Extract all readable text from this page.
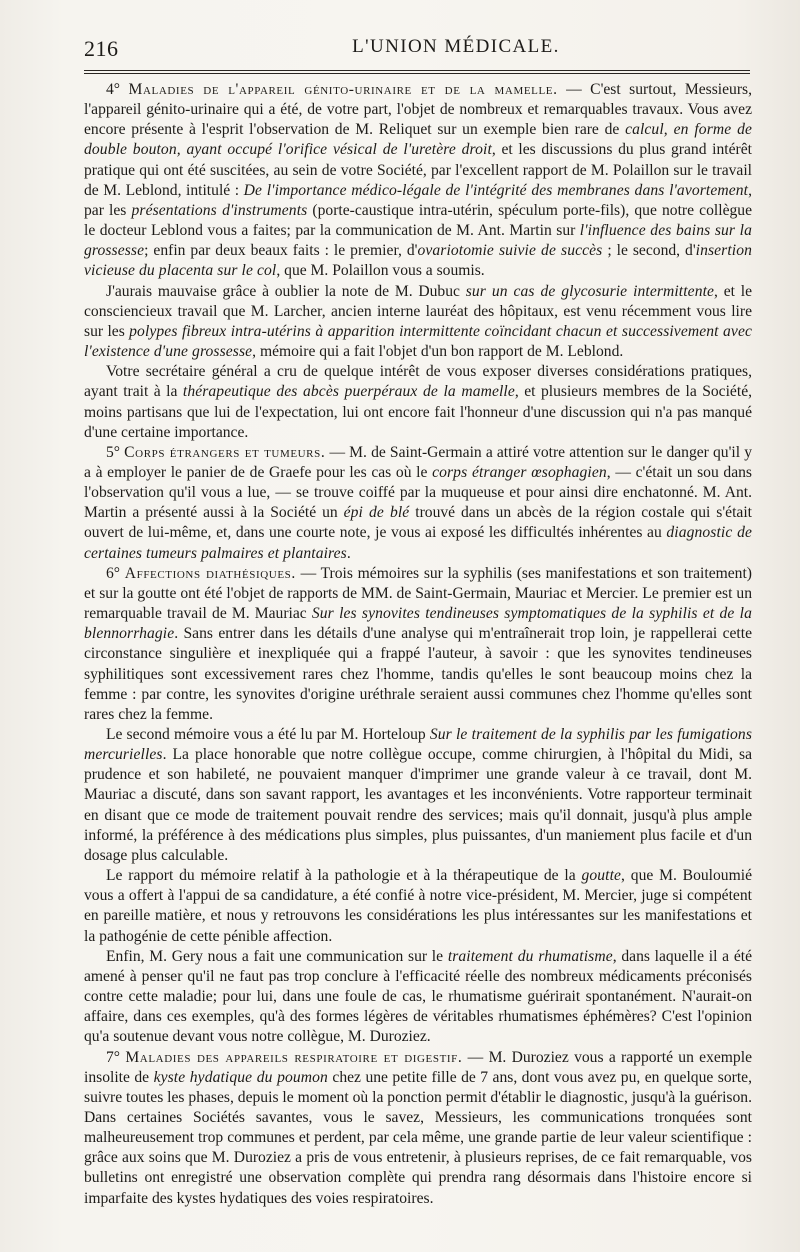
216	L'UNION MÉDICALE.

4° Maladies de l'appareil génito-urinaire et de la mamelle. — C'est surtout, Messieurs, l'appareil génito-urinaire qui a été, de votre part, l'objet de nombreux et remarquables travaux. Vous avez encore présente à l'esprit l'observation de M. Reliquet sur un exemple bien rare de calcul, en forme de double bouton, ayant occupé l'orifice vésical de l'uretère droit, et les discussions du plus grand intérêt pratique qui ont été suscitées, au sein de votre Société, par l'excellent rapport de M. Polaillon sur le travail de M. Leblond, intitulé : De l'importance médico-légale de l'intégrité des membranes dans l'avortement, par les présentations d'instruments (porte-caustique intra-utérin, spéculum porte-fils), que notre collègue le docteur Leblond vous a faites; par la communication de M. Ant. Martin sur l'influence des bains sur la grossesse; enfin par deux beaux faits : le premier, d'ovariotomie suivie de succès ; le second, d'insertion vicieuse du placenta sur le col, que M. Polaillon vous a soumis.

J'aurais mauvaise grâce à oublier la note de M. Dubuc sur un cas de glycosurie intermittente, et le consciencieux travail que M. Larcher, ancien interne lauréat des hôpitaux, est venu récemment vous lire sur les polypes fibreux intra-utérins à apparition intermittente coïncidant chacun et successivement avec l'existence d'une grossesse, mémoire qui a fait l'objet d'un bon rapport de M. Leblond.

Votre secrétaire général a cru de quelque intérêt de vous exposer diverses considérations pratiques, ayant trait à la thérapeutique des abcès puerpéraux de la mamelle, et plusieurs membres de la Société, moins partisans que lui de l'expectation, lui ont encore fait l'honneur d'une discussion qui n'a pas manqué d'une certaine importance.

5° Corps étrangers et tumeurs. — M. de Saint-Germain a attiré votre attention sur le danger qu'il y a à employer le panier de de Graefe pour les cas où le corps étranger œsophagien, — c'était un sou dans l'observation qu'il vous a lue, — se trouve coiffé par la muqueuse et pour ainsi dire enchatonné. M. Ant. Martin a présenté aussi à la Société un épi de blé trouvé dans un abcès de la région costale qui s'était ouvert de lui-même, et, dans une courte note, je vous ai exposé les difficultés inhérentes au diagnostic de certaines tumeurs palmaires et plantaires.

6° Affections diathésiques. — Trois mémoires sur la syphilis (ses manifestations et son traitement) et sur la goutte ont été l'objet de rapports de MM. de Saint-Germain, Mauriac et Mercier. Le premier est un remarquable travail de M. Mauriac Sur les synovites tendineuses symptomatiques de la syphilis et de la blennorrhagie. Sans entrer dans les détails d'une analyse qui m'entraînerait trop loin, je rappellerai cette circonstance singulière et inexpliquée qui a frappé l'auteur, à savoir : que les synovites tendineuses syphilitiques sont excessivement rares chez l'homme, tandis qu'elles le sont beaucoup moins chez la femme : par contre, les synovites d'origine uréthrale seraient aussi communes chez l'homme qu'elles sont rares chez la femme.

Le second mémoire vous a été lu par M. Horteloup Sur le traitement de la syphilis par les fumigations mercurielles. La place honorable que notre collègue occupe, comme chirurgien, à l'hôpital du Midi, sa prudence et son habileté, ne pouvaient manquer d'imprimer une grande valeur à ce travail, dont M. Mauriac a discuté, dans son savant rapport, les avantages et les inconvénients. Votre rapporteur terminait en disant que ce mode de traitement pouvait rendre des services; mais qu'il donnait, jusqu'à plus ample informé, la préférence à des médications plus simples, plus puissantes, d'un maniement plus facile et d'un dosage plus calculable.

Le rapport du mémoire relatif à la pathologie et à la thérapeutique de la goutte, que M. Bouloumié vous a offert à l'appui de sa candidature, a été confié à notre vice-président, M. Mercier, juge si compétent en pareille matière, et nous y retrouvons les considérations les plus intéressantes sur les manifestations et la pathogénie de cette pénible affection.

Enfin, M. Gery nous a fait une communication sur le traitement du rhumatisme, dans laquelle il a été amené à penser qu'il ne faut pas trop conclure à l'efficacité réelle des nombreux médicaments préconisés contre cette maladie; pour lui, dans une foule de cas, le rhumatisme guérirait spontanément. N'aurait-on affaire, dans ces exemples, qu'à des formes légères de véritables rhumatismes éphémères? C'est l'opinion qu'a soutenue devant vous notre collègue, M. Duroziez.

7° Maladies des appareils respiratoire et digestif. — M. Duroziez vous a rapporté un exemple insolite de kyste hydatique du poumon chez une petite fille de 7 ans, dont vous avez pu, en quelque sorte, suivre toutes les phases, depuis le moment où la ponction permit d'établir le diagnostic, jusqu'à la guérison. Dans certaines Sociétés savantes, vous le savez, Messieurs, les communications tronquées sont malheureusement trop communes et perdent, par cela même, une grande partie de leur valeur scientifique : grâce aux soins que M. Duroziez a pris de vous entretenir, à plusieurs reprises, de ce fait remarquable, vos bulletins ont enregistré une observation complète qui prendra rang désormais dans l'histoire encore si imparfaite des kystes hydatiques des voies respiratoires.
